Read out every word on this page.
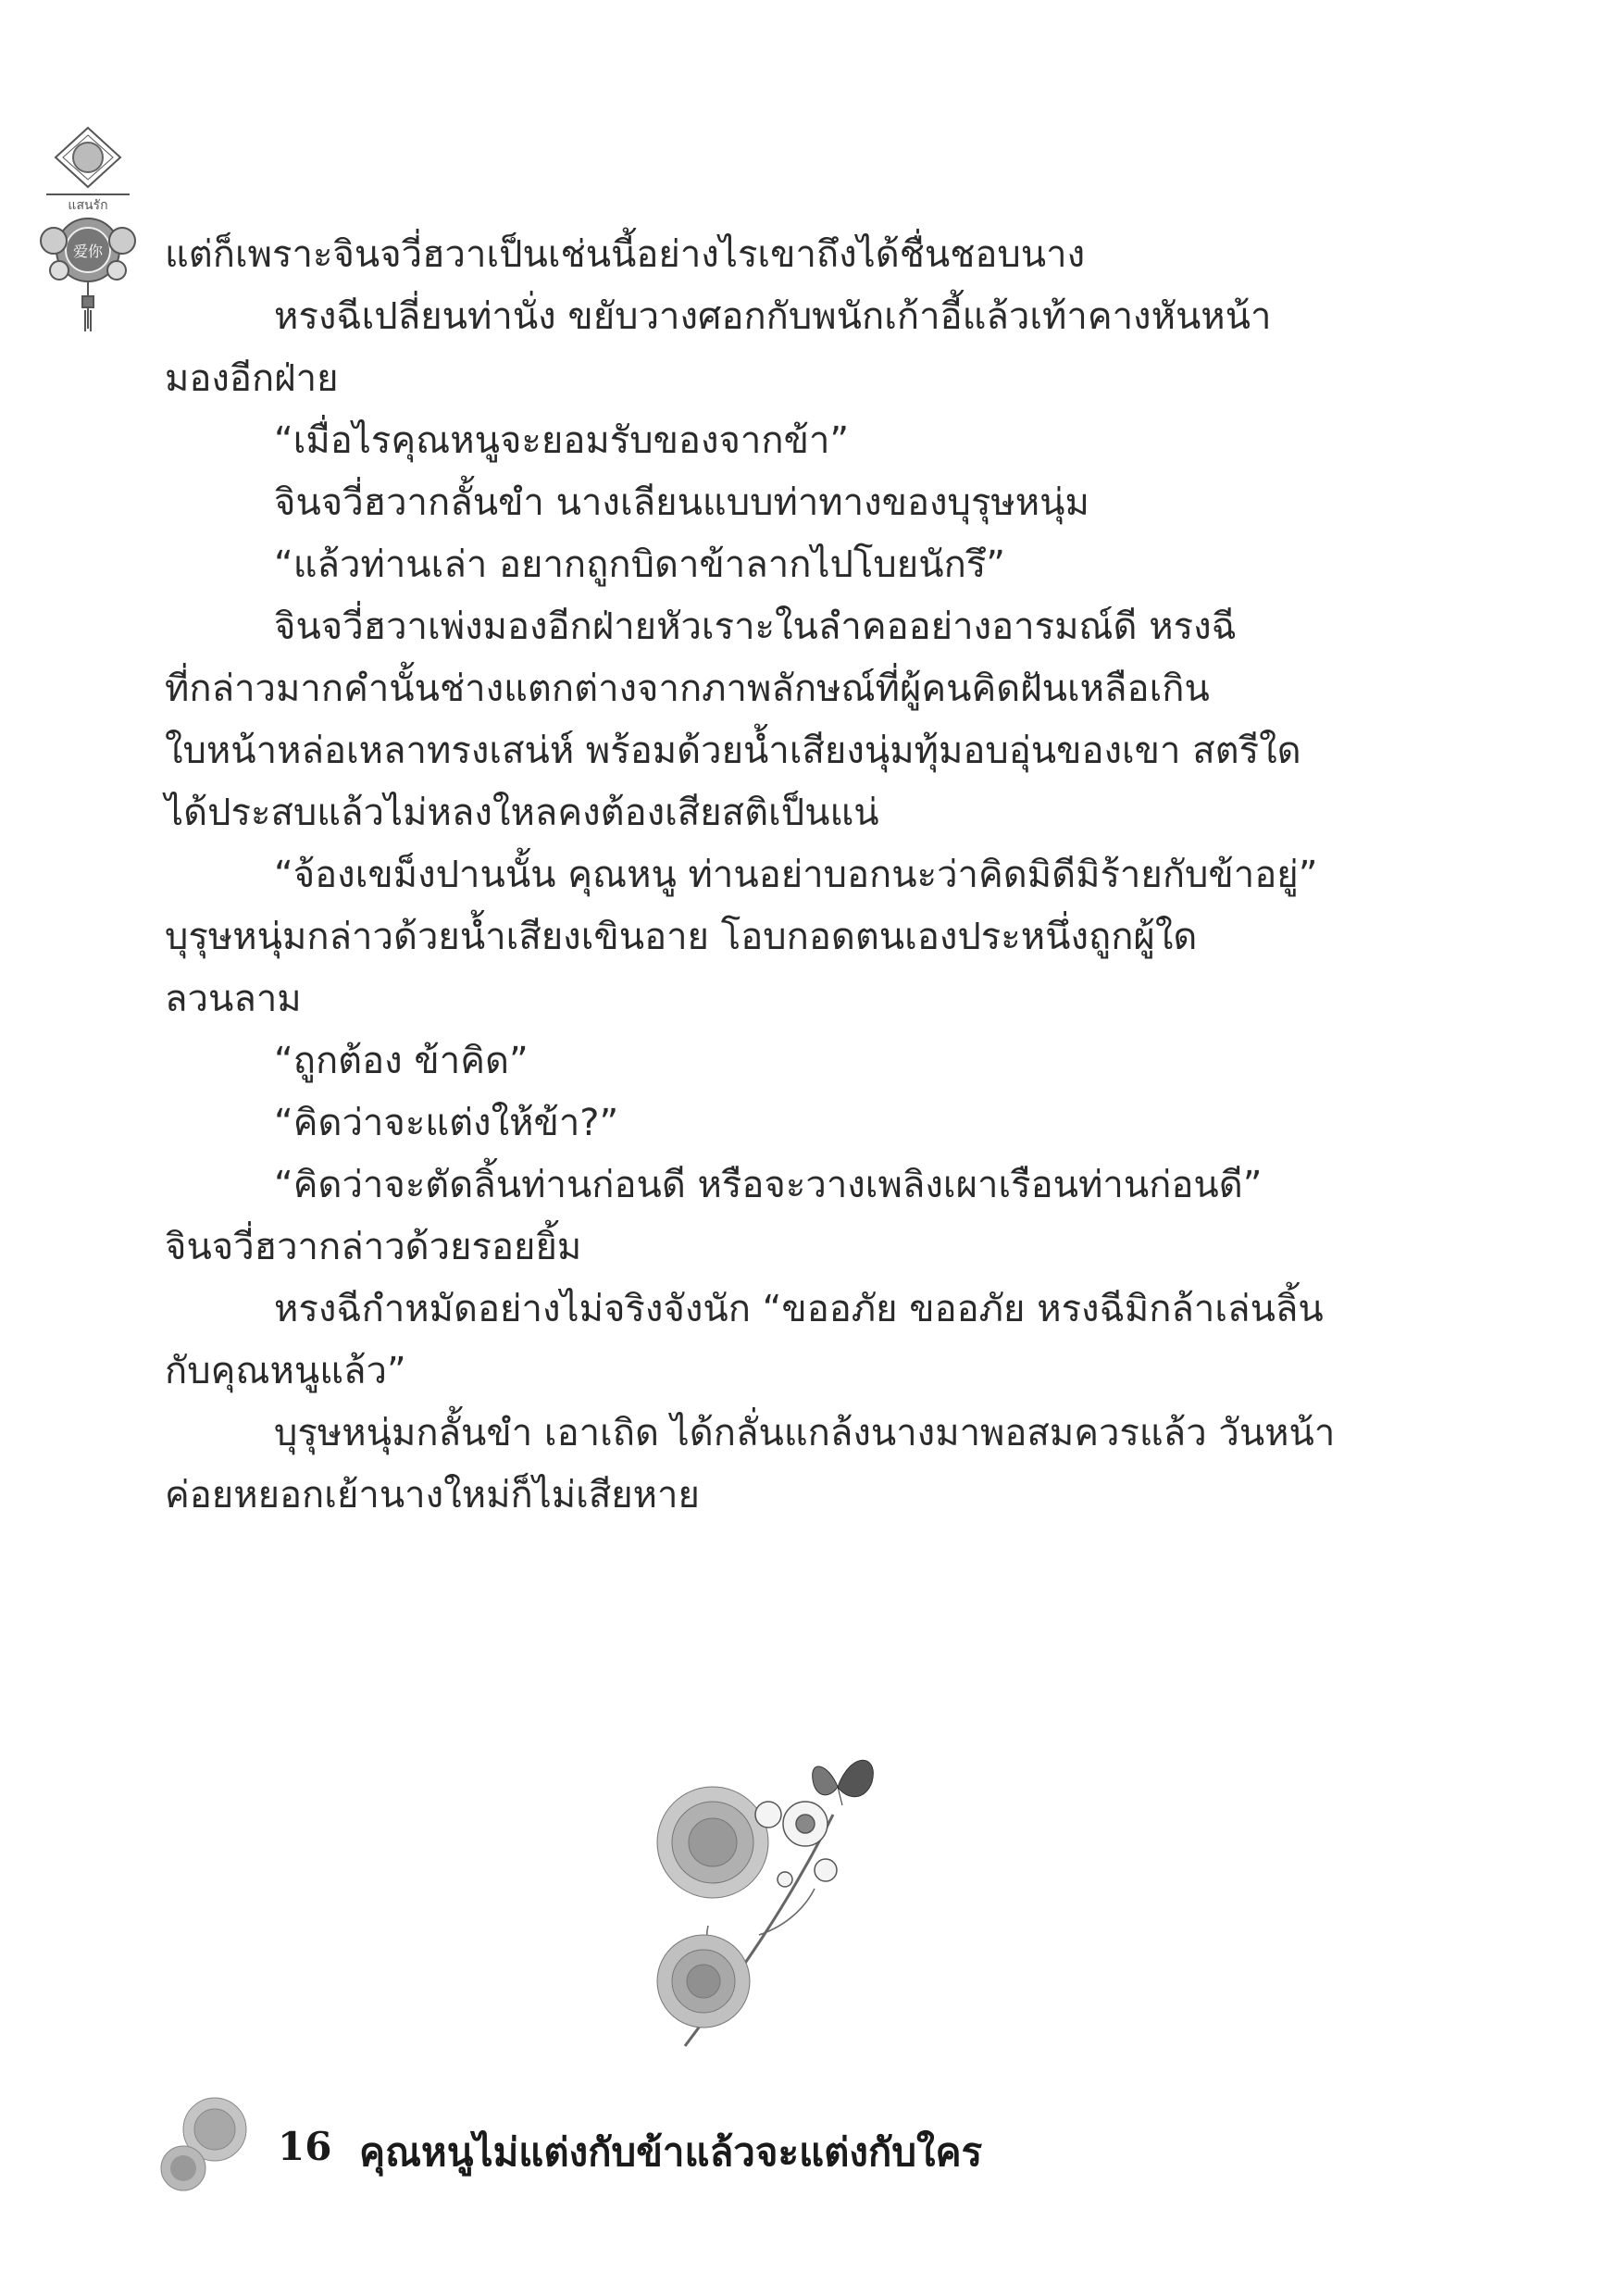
แสนรัก
爱你 แต่ก็เพราะจินจวี่ฮวาเป็นเช่นนี้อย่างไรเขาถึงได้ชื่นชอบนาง

หรงฉีเปลี่ยนท่านั่ง ขยับวางศอกกับพนักเก้าอี้แล้วเท้าคางหันหน้า

มองอีกฝ่าย

“เมื่อไรคุณหนูจะยอมรับของจากข้า”

จินจวี่ฮวากลั้นขำ นางเลียนแบบท่าทางของบุรุษหนุ่ม

“แล้วท่านเล่า อยากถูกบิดาข้าลากไปโบยนักรึ”

จินจวี่ฮวาเพ่งมองอีกฝ่ายหัวเราะในลำคออย่างอารมณ์ดี หรงฉี

ที่กล่าวมากคำนั้นช่างแตกต่างจากภาพลักษณ์ที่ผู้คนคิดฝันเหลือเกิน

ใบหน้าหล่อเหลาทรงเสน่ห์ พร้อมด้วยน้ำเสียงนุ่มทุ้มอบอุ่นของเขา สตรีใด

ได้ประสบแล้วไม่หลงใหลคงต้องเสียสติเป็นแน่

“จ้องเขม็งปานนั้น คุณหนู ท่านอย่าบอกนะว่าคิดมิดีมิร้ายกับข้าอยู่”

บุรุษหนุ่มกล่าวด้วยน้ำเสียงเขินอาย โอบกอดตนเองประหนึ่งถูกผู้ใด

ลวนลาม

“ถูกต้อง ข้าคิด”

“คิดว่าจะแต่งให้ข้า?”

“คิดว่าจะตัดลิ้นท่านก่อนดี หรือจะวางเพลิงเผาเรือนท่านก่อนดี”

จินจวี่ฮวากล่าวด้วยรอยยิ้ม

หรงฉีกำหมัดอย่างไม่จริงจังนัก “ขออภัย ขออภัย หรงฉีมิกล้าเล่นลิ้น

กับคุณหนูแล้ว”

บุรุษหนุ่มกลั้นขำ เอาเถิด ได้กลั่นแกล้งนางมาพอสมควรแล้ว วันหน้า

ค่อยหยอกเย้านางใหม่ก็ไม่เสียหาย

16 คุณหนูไม่แต่งกับข้าแล้วจะแต่งกับใคร
